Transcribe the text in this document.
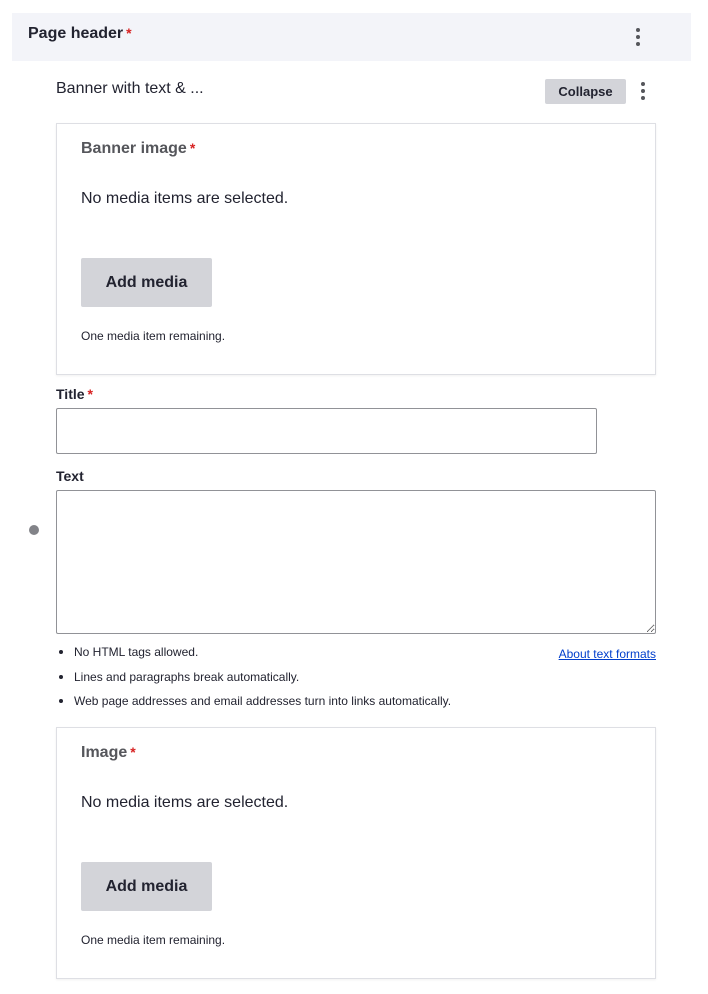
Page header *
Banner with text & ...	Collapse
Banner image *
No media items are selected.
Add media
One media item remaining.
Title *
Text
No HTML tags allowed.
Lines and paragraphs break automatically.
Web page addresses and email addresses turn into links automatically.
About text formats
Image *
No media items are selected.
Add media
One media item remaining.
